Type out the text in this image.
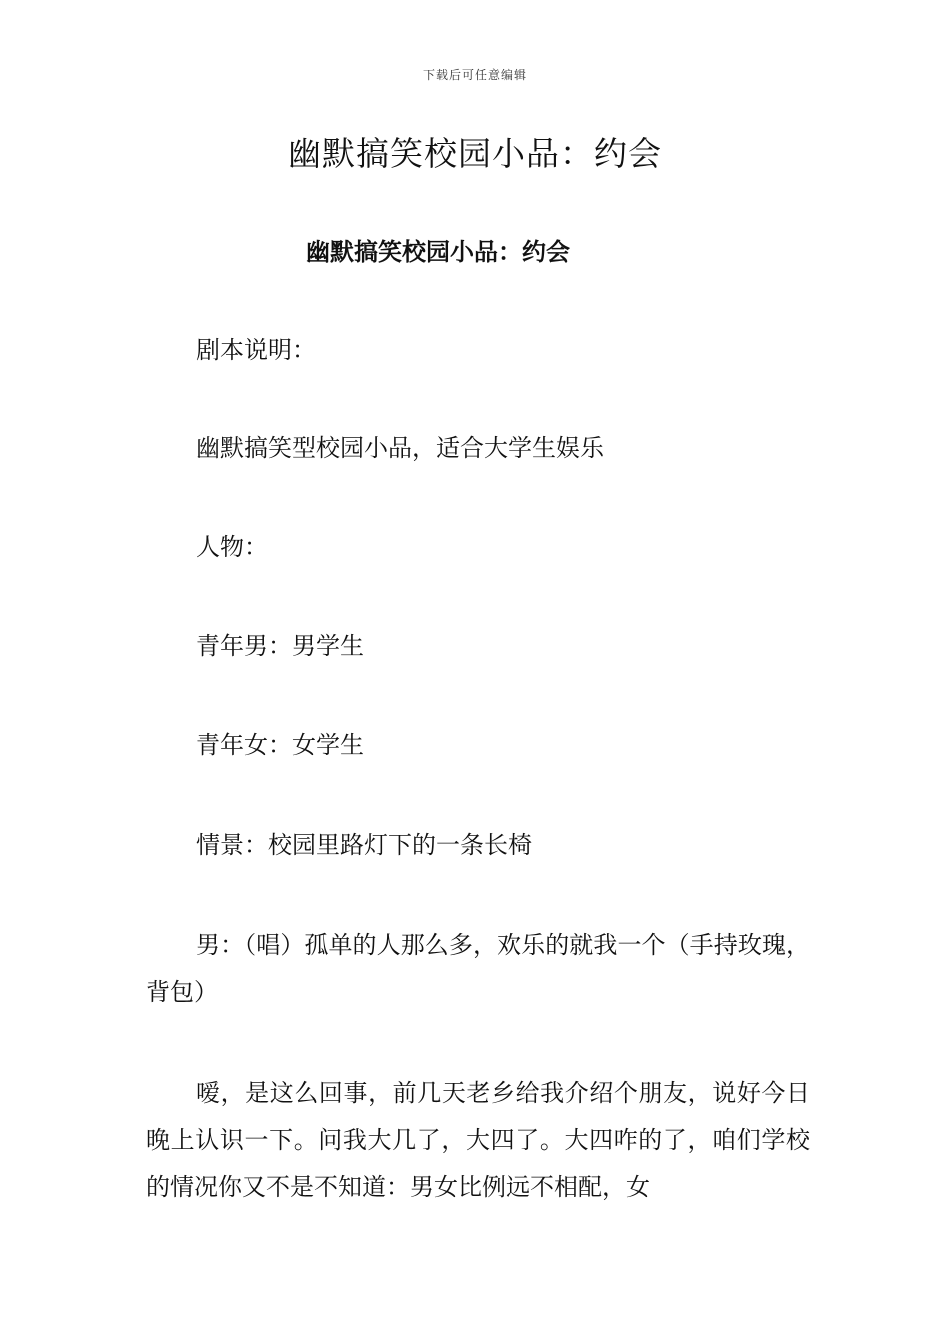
下载后可任意编辑
幽默搞笑校园小品：约会
幽默搞笑校园小品：约会

剧本说明：

幽默搞笑型校园小品，适合大学生娱乐

人物：

青年男：男学生

青年女：女学生

情景：校园里路灯下的一条长椅

男：（唱）孤单的人那么多，欢乐的就我一个（手持玫瑰，背包）

嗳，是这么回事，前几天老乡给我介绍个朋友，说好今日晚上认识一下。问我大几了，大四了。大四咋的了，咱们学校的情况你又不是不知道：男女比例远不相配，女
